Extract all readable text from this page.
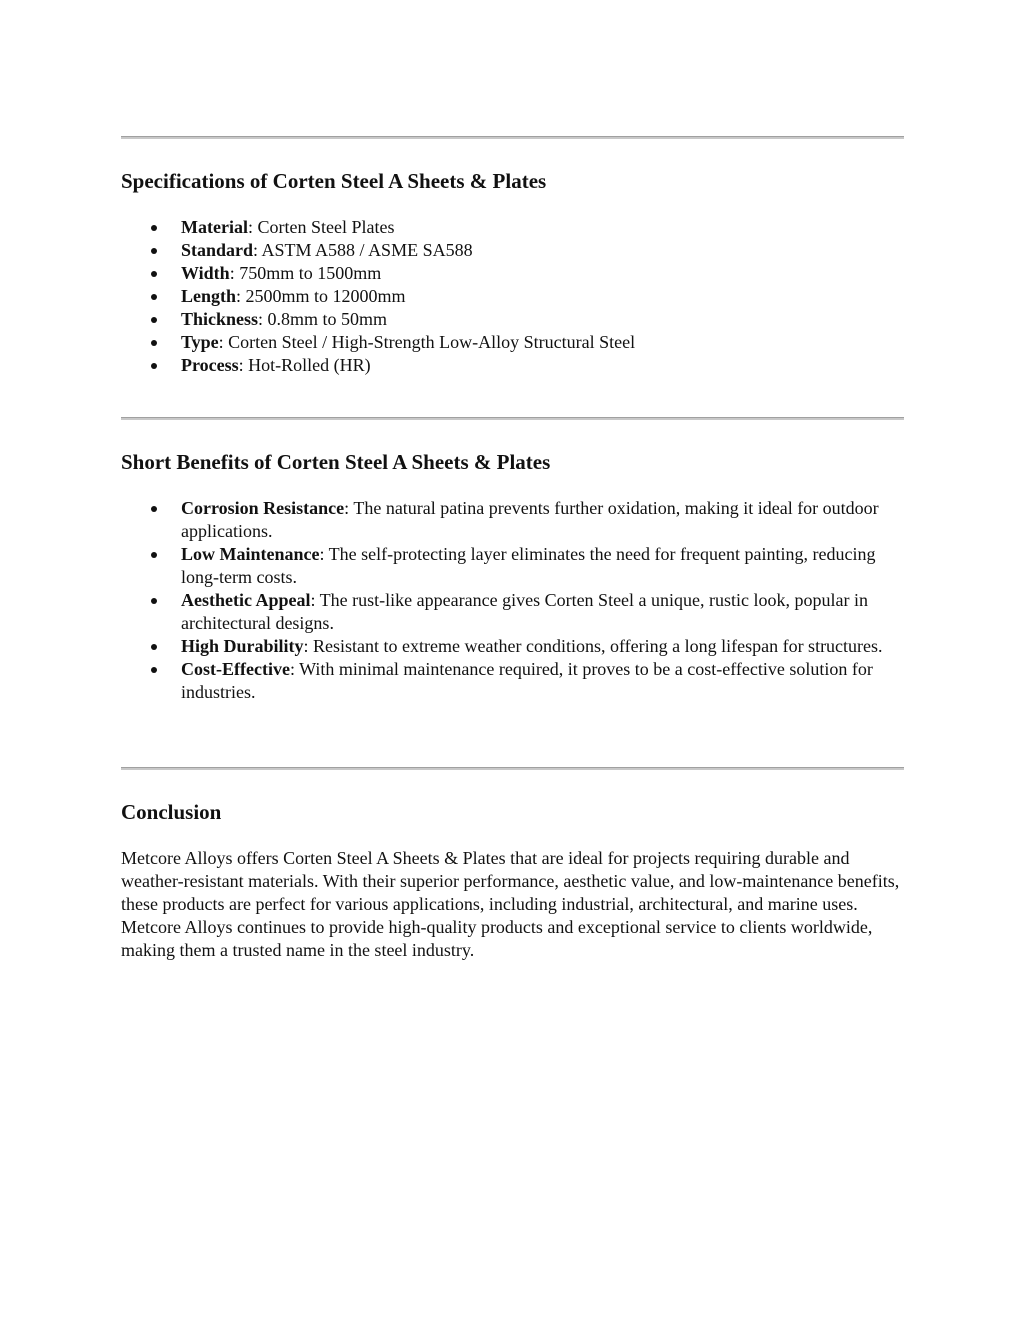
Specifications of Corten Steel A Sheets & Plates
Material: Corten Steel Plates
Standard: ASTM A588 / ASME SA588
Width: 750mm to 1500mm
Length: 2500mm to 12000mm
Thickness: 0.8mm to 50mm
Type: Corten Steel / High-Strength Low-Alloy Structural Steel
Process: Hot-Rolled (HR)
Short Benefits of Corten Steel A Sheets & Plates
Corrosion Resistance: The natural patina prevents further oxidation, making it ideal for outdoor applications.
Low Maintenance: The self-protecting layer eliminates the need for frequent painting, reducing long-term costs.
Aesthetic Appeal: The rust-like appearance gives Corten Steel a unique, rustic look, popular in architectural designs.
High Durability: Resistant to extreme weather conditions, offering a long lifespan for structures.
Cost-Effective: With minimal maintenance required, it proves to be a cost-effective solution for industries.
Conclusion

Metcore Alloys offers Corten Steel A Sheets & Plates that are ideal for projects requiring durable and weather-resistant materials. With their superior performance, aesthetic value, and low-maintenance benefits, these products are perfect for various applications, including industrial, architectural, and marine uses. Metcore Alloys continues to provide high-quality products and exceptional service to clients worldwide, making them a trusted name in the steel industry.
